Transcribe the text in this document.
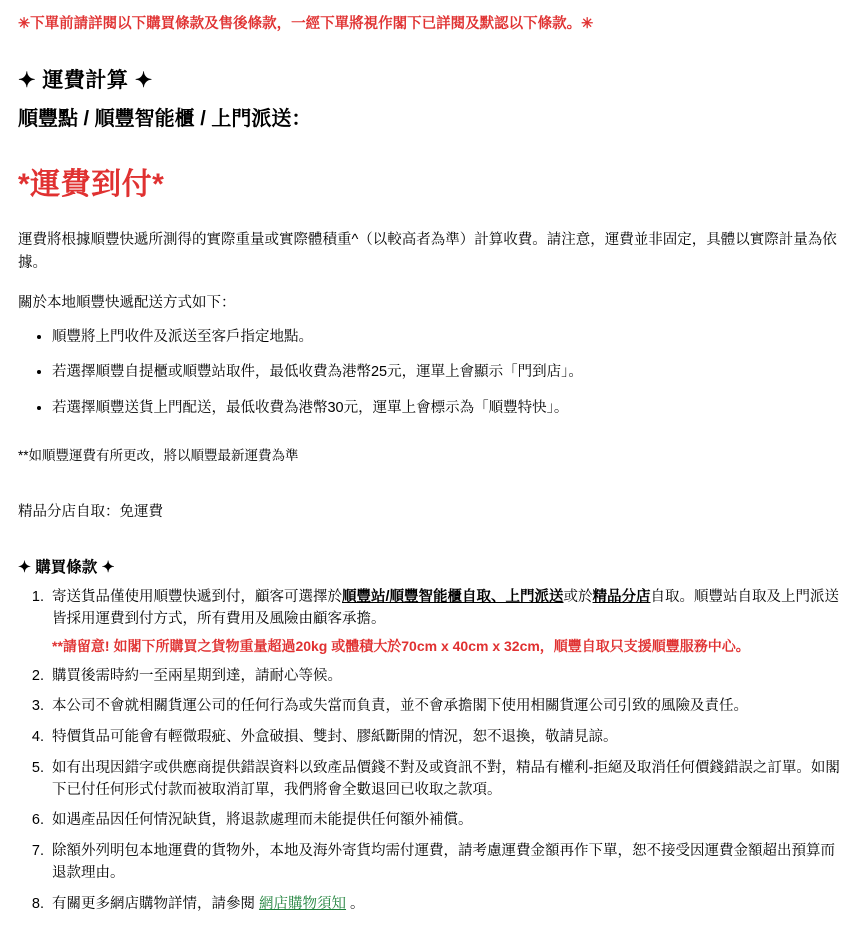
✳下單前請詳閱以下購買條款及售後條款，一經下單將視作閣下已詳閱及默認以下條款。✳
✦ 運費計算 ✦
順豐點 / 順豐智能櫃 / 上門派送：
*運費到付*

運費將根據順豐快遞所測得的實際重量或實際體積重^（以較高者為準）計算收費。請注意，運費並非固定，具體以實際計量為依據。

關於本地順豐快遞配送方式如下：

• 順豐將上門收件及派送至客戶指定地點。
• 若選擇順豐自提櫃或順豐站取件，最低收費為港幣25元，運單上會顯示「門到店」。
• 若選擇順豐送貨上門配送，最低收費為港幣30元，運單上會標示為「順豐特快」。
**如順豐運費有所更改，將以順豐最新運費為準
精品分店自取：免運費
✦ 購買條款 ✦
1. 寄送貨品僅使用順豐快遞到付，顧客可選擇於順豐站/順豐智能櫃自取、上門派送或於精品分店自取。順豐站自取及上門派送皆採用運費到付方式，所有費用及風險由顧客承擔。
**請留意! 如閣下所購買之貨物重量超過20kg 或體積大於70cm x 40cm x 32cm，順豐自取只支援順豐服務中心。
2. 購買後需時約一至兩星期到達，請耐心等候。
3. 本公司不會就相關貨運公司的任何行為或失當而負責，並不會承擔閣下使用相關貨運公司引致的風險及責任。
4. 特價貨品可能會有輕微瑕疵、外盒破損、雙封、膠紙斷開的情況，恕不退換，敬請見諒。
5. 如有出現因錯字或供應商提供錯誤資料以致產品價錢不對及或資訊不對，精品有權利-拒絕及取消任何價錢錯誤之訂單。如閣下已付任何形式付款而被取消訂單，我們將會全數退回已收取之款項。
6. 如遇產品因任何情況缺貨，將退款處理而未能提供任何額外補償。
7. 除額外列明包本地運費的貨物外，本地及海外寄貨均需付運費，請考慮運費金額再作下單，恕不接受因運費金額超出預算而退款理由。
8. 有關更多網店購物詳情，請參閱 網店購物須知 。
